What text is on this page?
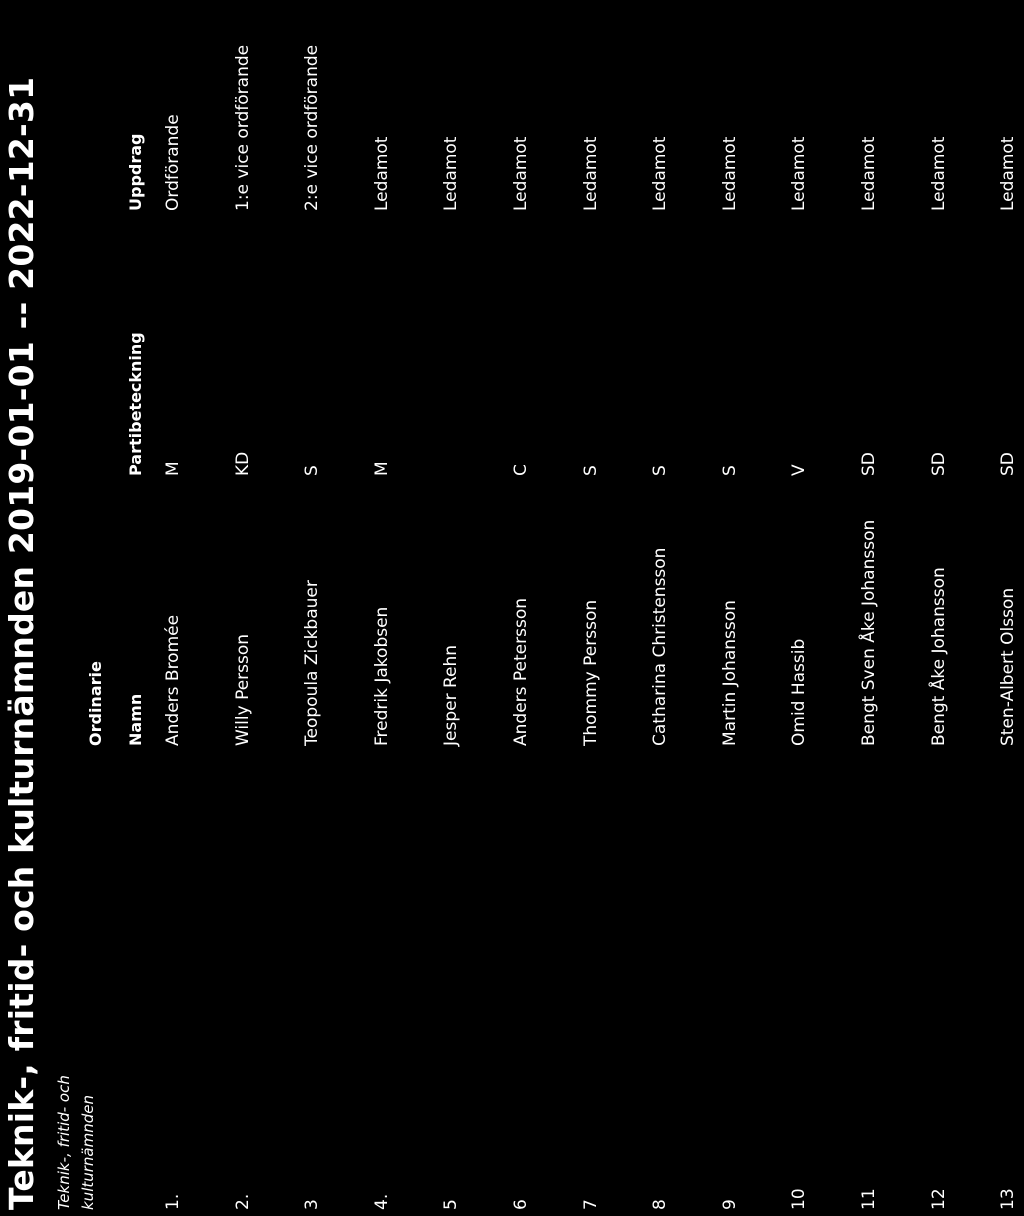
Teknik-, fritid- och kulturnämnden 2019-01-01 -- 2022-12-31 Teknik-, fritid- och kulturnämnden
Ordinarie Namn
Partibeteckning
Uppdrag
1.
Anders Bromée
M
Ordförande
2.
Willy Persson
KD
1:e vice ordförande
3
Teopoula Zickbauer
S
2:e vice ordförande
4.
Fredrik Jakobsen
M
Ledamot
5
Jesper Rehn
Ledamot
6
Anders Petersson
C
Ledamot
7
Thommy Persson
S
Ledamot
8
Catharina Christensson
S
Ledamot
9
Martin Johansson
S
Ledamot
10
Omid Hassib
V
Ledamot
11
Bengt Sven Åke Johansson
SD
Ledamot
12
Bengt Åke Johansson
SD
Ledamot
13
Sten-Albert Olsson
SD
Ledamot
